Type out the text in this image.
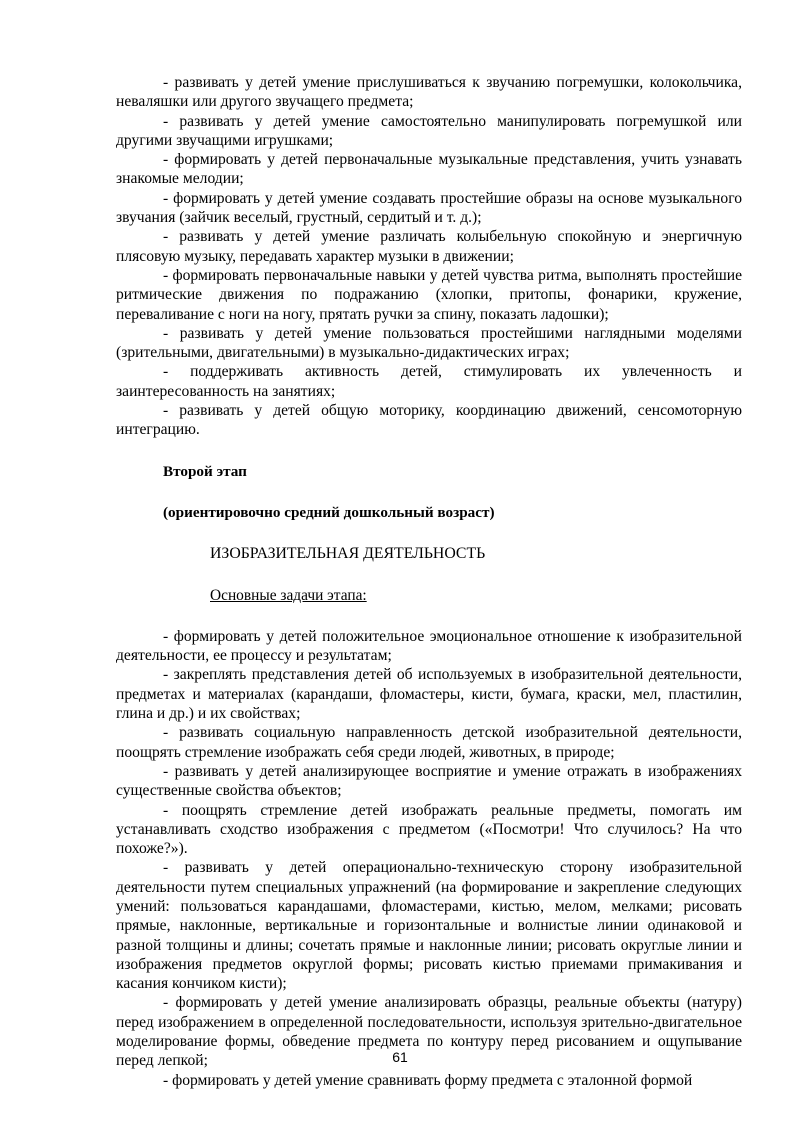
- развивать у детей умение прислушиваться к звучанию погремушки, колокольчика, неваляшки или другого звучащего предмета;

- развивать у детей умение самостоятельно манипулировать погремушкой или другими звучащими игрушками;

- формировать у детей первоначальные музыкальные представления, учить узнавать знакомые мелодии;

- формировать у детей умение создавать простейшие образы на основе музыкального звучания (зайчик веселый, грустный, сердитый и т. д.);

- развивать у детей умение различать колыбельную спокойную и энергичную плясовую музыку, передавать характер музыки в движении;

- формировать первоначальные навыки у детей чувства ритма, выполнять простейшие ритмические движения по подражанию (хлопки, притопы, фонарики, кружение, переваливание с ноги на ногу, прятать ручки за спину, показать ладошки);

- развивать у детей умение пользоваться простейшими наглядными моделями (зрительными, двигательными) в музыкально-дидактических играх;

- поддерживать активность детей, стимулировать их увлеченность и заинтересованность на занятиях;

- развивать у детей общую моторику, координацию движений, сенсомоторную интеграцию.

Второй этап

(ориентировочно средний дошкольный возраст)

ИЗОБРАЗИТЕЛЬНАЯ ДЕЯТЕЛЬНОСТЬ

Основные задачи этапа:

- формировать у детей положительное эмоциональное отношение к изобразительной деятельности, ее процессу и результатам;

- закреплять представления детей об используемых в изобразительной деятельности, предметах и материалах (карандаши, фломастеры, кисти, бумага, краски, мел, пластилин, глина и др.) и их свойствах;

- развивать социальную направленность детской изобразительной деятельности, поощрять стремление изображать себя среди людей, животных, в природе;

- развивать у детей анализирующее восприятие и умение отражать в изображениях существенные свойства объектов;

- поощрять стремление детей изображать реальные предметы, помогать им устанавливать сходство изображения с предметом («Посмотри! Что случилось? На что похоже?»).

- развивать у детей операционально-техническую сторону изобразительной деятельности путем специальных упражнений (на формирование и закрепление следующих умений: пользоваться карандашами, фломастерами, кистью, мелом, мелками; рисовать прямые, наклонные, вертикальные и горизонтальные и волнистые линии одинаковой и разной толщины и длины; сочетать прямые и наклонные линии; рисовать округлые линии и изображения предметов округлой формы; рисовать кистью приемами примакивания и касания кончиком кисти);

- формировать у детей умение анализировать образцы, реальные объекты (натуру) перед изображением в определенной последовательности, используя зрительно-двигательное моделирование формы, обведение предмета по контуру перед рисованием и ощупывание перед лепкой;

- формировать у детей умение сравнивать форму предмета с эталонной формой

61
